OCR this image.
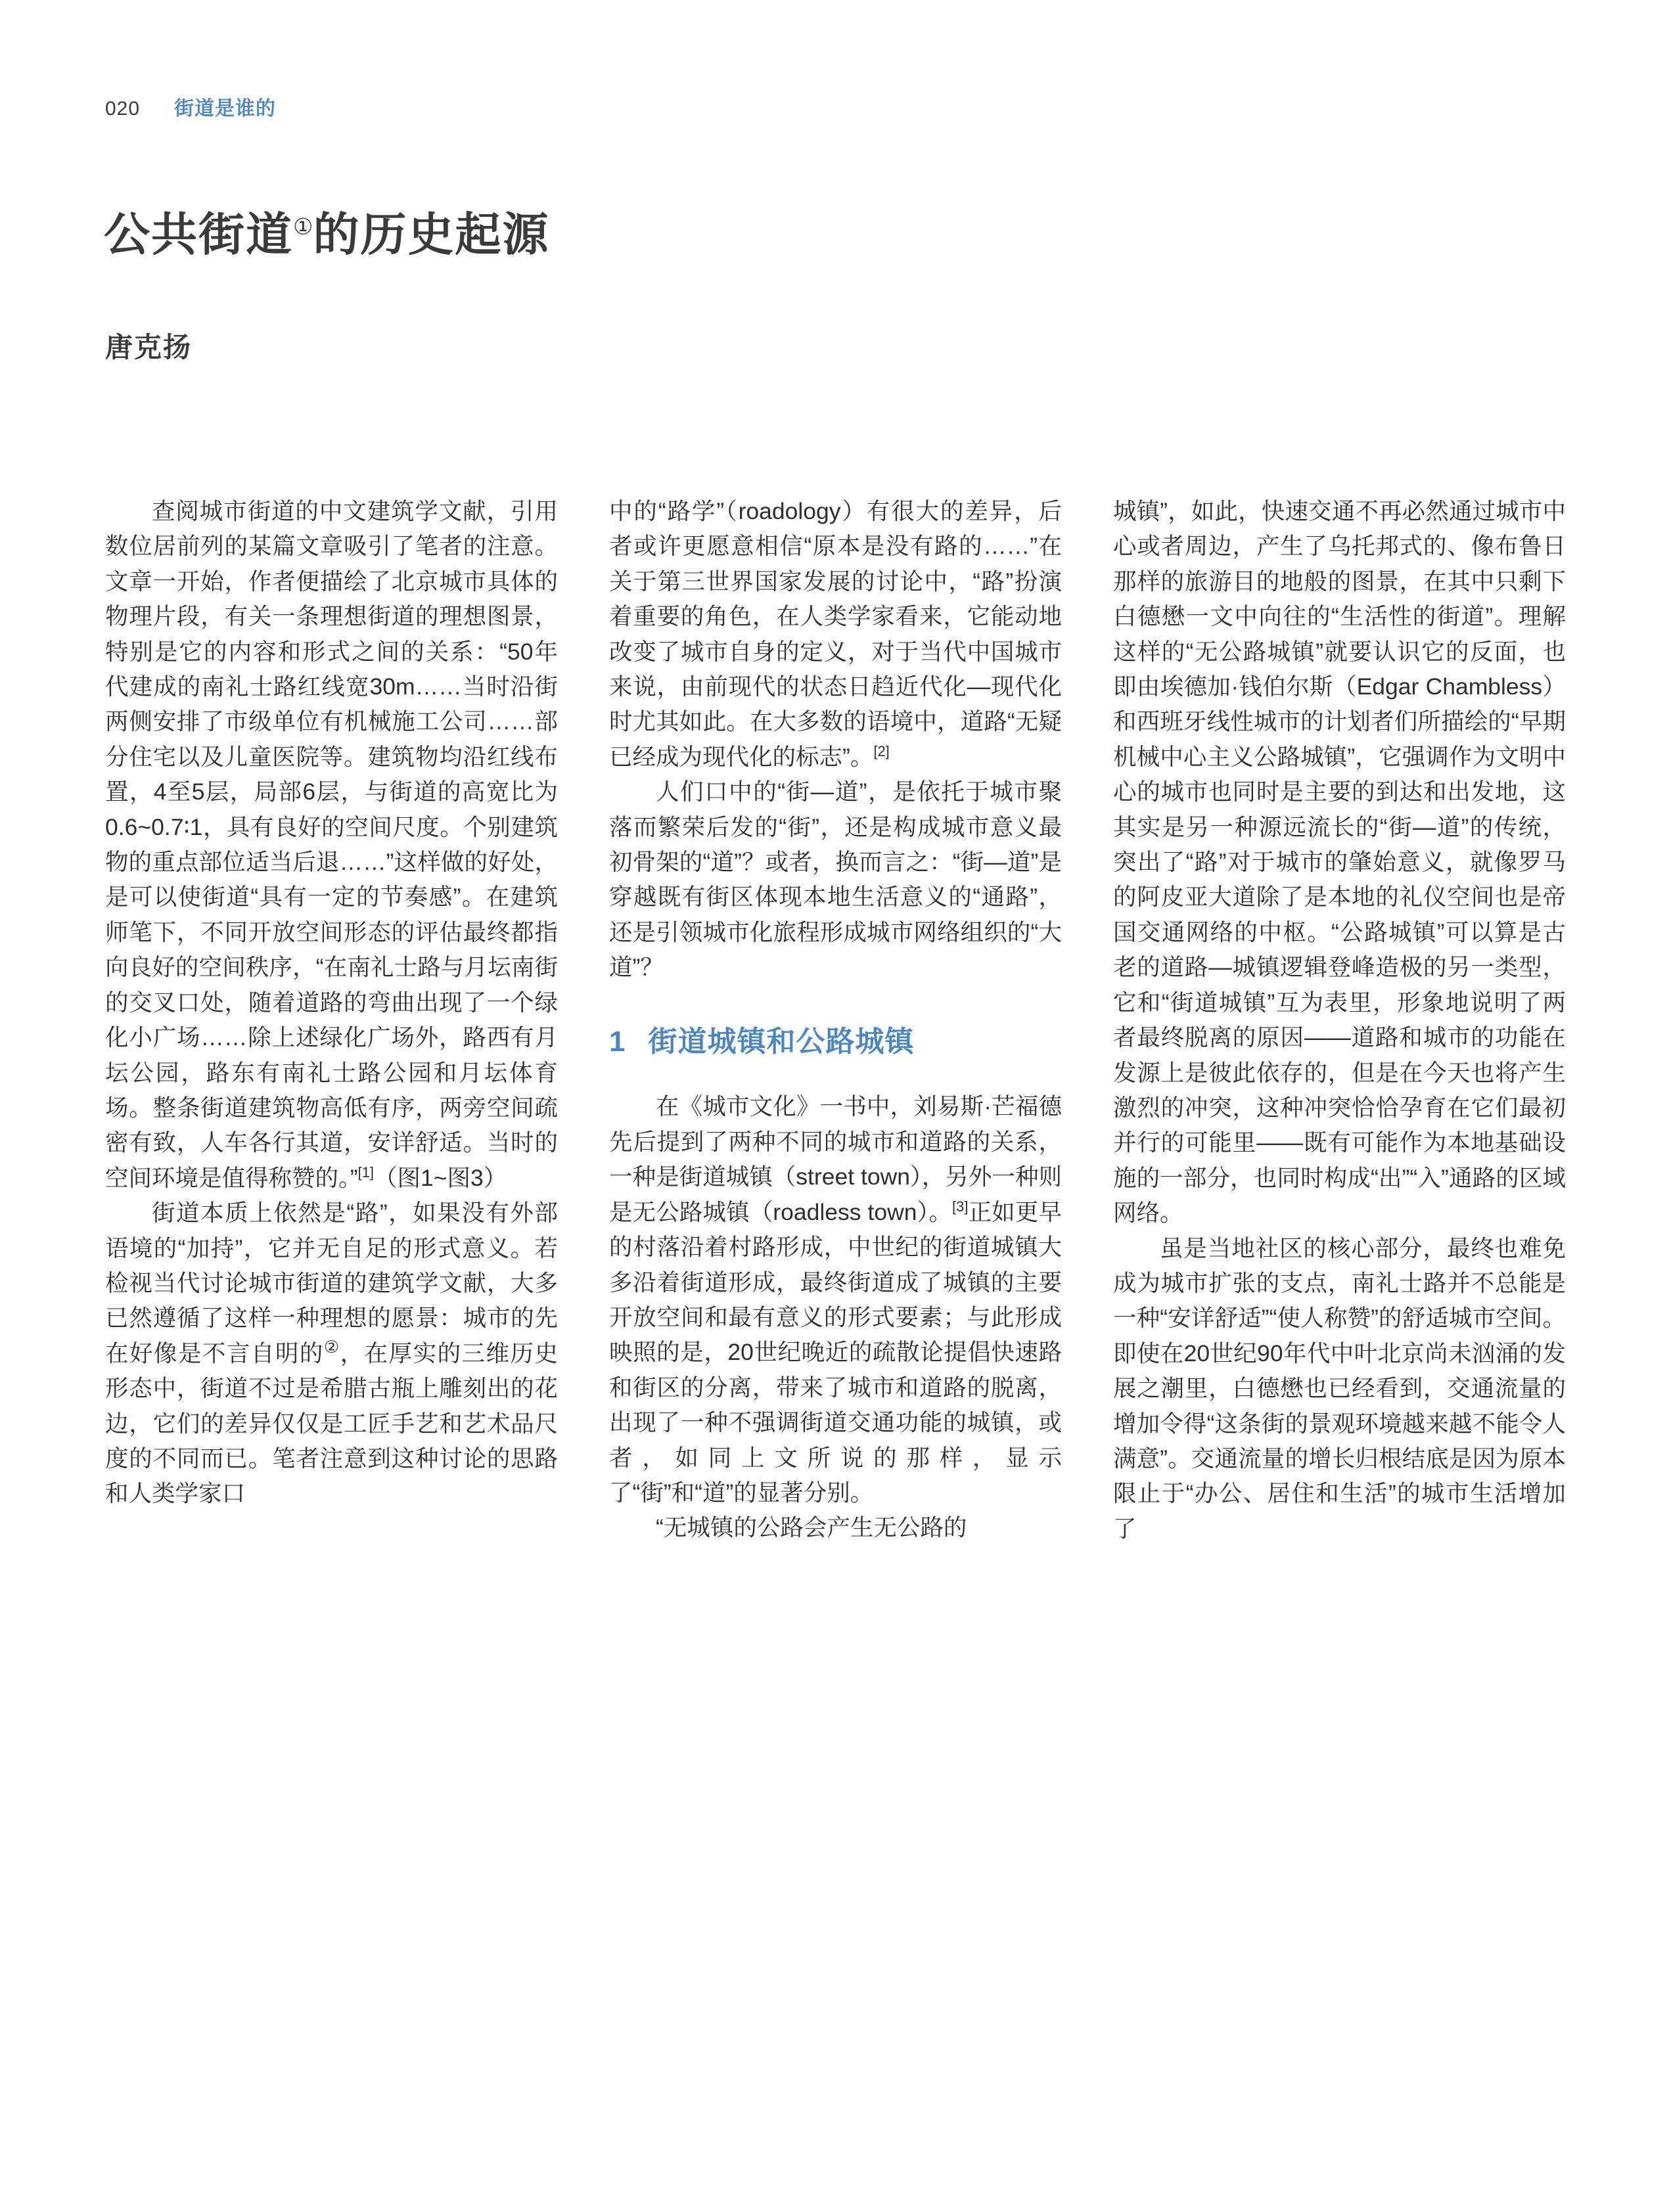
020 街道是谁的
公共街道①的历史起源
唐克扬

查阅城市街道的中文建筑学文献，引用数位居前列的某篇文章吸引了笔者的注意。文章一开始，作者便描绘了北京城市具体的物理片段，有关一条理想街道的理想图景，特别是它的内容和形式之间的关系：“50年代建成的南礼士路红线宽30m……当时沿街两侧安排了市级单位有机械施工公司……部分住宅以及儿童医院等。建筑物均沿红线布置，4至5层，局部6层，与街道的高宽比为0.6~0.7∶1，具有良好的空间尺度。个别建筑物的重点部位适当后退……”这样做的好处，是可以使街道“具有一定的节奏感”。在建筑师笔下，不同开放空间形态的评估最终都指向良好的空间秩序，“在南礼士路与月坛南街的交叉口处，随着道路的弯曲出现了一个绿化小广场……除上述绿化广场外，路西有月坛公园，路东有南礼士路公园和月坛体育场。整条街道建筑物高低有序，两旁空间疏密有致，人车各行其道，安详舒适。当时的空间环境是值得称赞的。”[1]（图1~图3）

街道本质上依然是“路”，如果没有外部语境的“加持”，它并无自足的形式意义。若检视当代讨论城市街道的建筑学文献，大多已然遵循了这样一种理想的愿景：城市的先在好像是不言自明的②，在厚实的三维历史形态中，街道不过是希腊古瓶上雕刻出的花边，它们的差异仅仅是工匠手艺和艺术品尺度的不同而已。笔者注意到这种讨论的思路和人类学家口

中的“路学”（roadology）有很大的差异，后者或许更愿意相信“原本是没有路的……”在关于第三世界国家发展的讨论中，“路”扮演着重要的角色，在人类学家看来，它能动地改变了城市自身的定义，对于当代中国城市来说，由前现代的状态日趋近代化—现代化时尤其如此。在大多数的语境中，道路“无疑已经成为现代化的标志”。[2]

人们口中的“街—道”，是依托于城市聚落而繁荣后发的“街”，还是构成城市意义最初骨架的“道”？或者，换而言之：“街—道”是穿越既有街区体现本地生活意义的“通路”，还是引领城市化旅程形成城市网络组织的“大道”？

1 街道城镇和公路城镇

在《城市文化》一书中，刘易斯·芒福德先后提到了两种不同的城市和道路的关系，一种是街道城镇（street town），另外一种则是无公路城镇（roadless town）。[3]正如更早的村落沿着村路形成，中世纪的街道城镇大多沿着街道形成，最终街道成了城镇的主要开放空间和最有意义的形式要素；与此形成映照的是，20世纪晚近的疏散论提倡快速路和街区的分离，带来了城市和道路的脱离，出现了一种不强调街道交通功能的城镇，或者，如同上文所说的那样，显示了“街”和“道”的显著分别。

“无城镇的公路会产生无公路的

城镇”，如此，快速交通不再必然通过城市中心或者周边，产生了乌托邦式的、像布鲁日那样的旅游目的地般的图景，在其中只剩下白德懋一文中向往的“生活性的街道”。理解这样的“无公路城镇”就要认识它的反面，也即由埃德加·钱伯尔斯（Edgar Chambless）和西班牙线性城市的计划者们所描绘的“早期机械中心主义公路城镇”，它强调作为文明中心的城市也同时是主要的到达和出发地，这其实是另一种源远流长的“街—道”的传统，突出了“路”对于城市的肇始意义，就像罗马的阿皮亚大道除了是本地的礼仪空间也是帝国交通网络的中枢。“公路城镇”可以算是古老的道路—城镇逻辑登峰造极的另一类型，它和“街道城镇”互为表里，形象地说明了两者最终脱离的原因——道路和城市的功能在发源上是彼此依存的，但是在今天也将产生激烈的冲突，这种冲突恰恰孕育在它们最初并行的可能里——既有可能作为本地基础设施的一部分，也同时构成“出”“入”通路的区域网络。

虽是当地社区的核心部分，最终也难免成为城市扩张的支点，南礼士路并不总能是一种“安详舒适”“使人称赞”的舒适城市空间。即使在20世纪90年代中叶北京尚未汹涌的发展之潮里，白德懋也已经看到，交通流量的增加令得“这条街的景观环境越来越不能令人满意”。交通流量的增长归根结底是因为原本限止于“办公、居住和生活”的城市生活增加了
